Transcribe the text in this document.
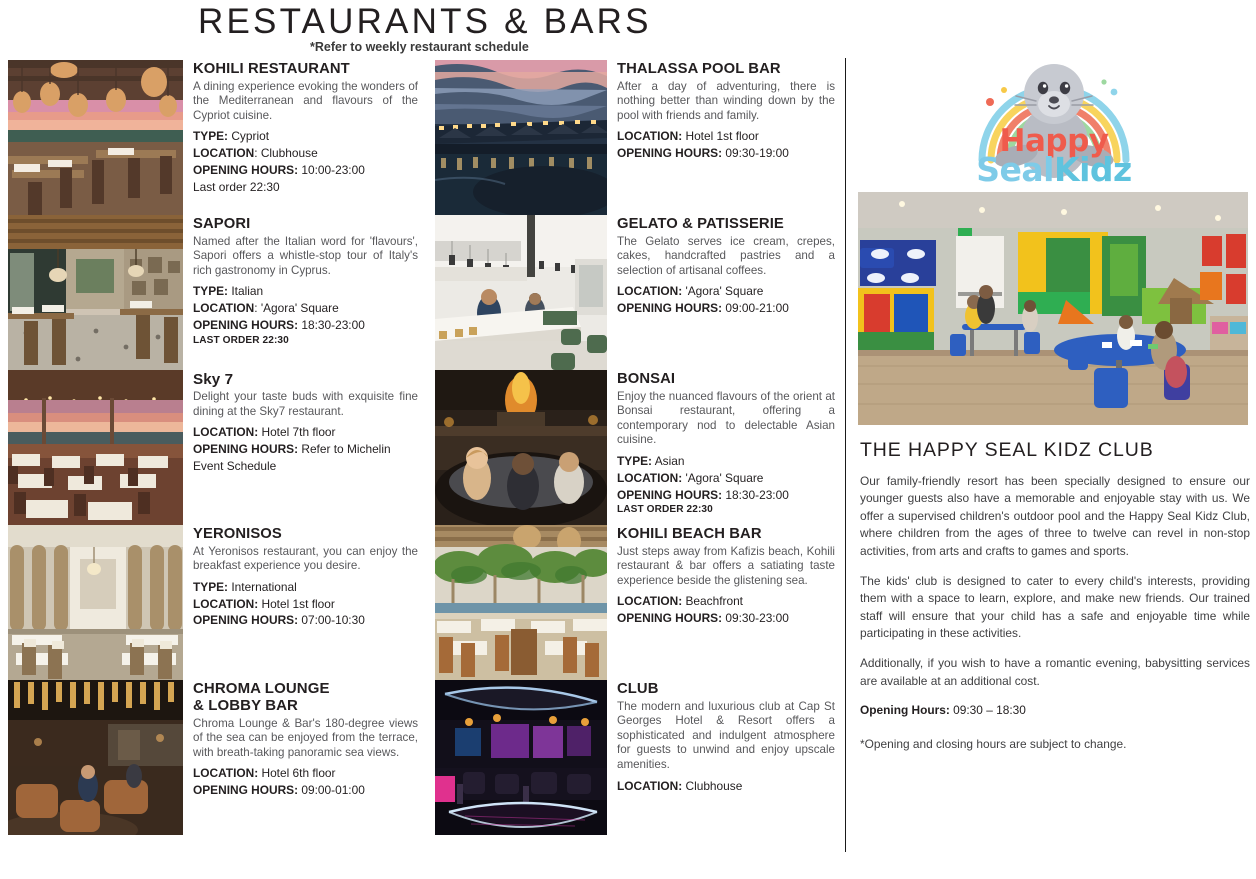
RESTAURANTS & BARS
*Refer to weekly restaurant schedule
KOHILI RESTAURANT
A dining experience evoking the wonders of the Mediterranean and flavours of the Cypriot cuisine.
TYPE: Cypriot
LOCATION: Clubhouse
OPENING HOURS: 10:00-23:00
Last order 22:30
SAPORI
Named after the Italian word for 'flavours', Sapori offers a whistle-stop tour of Italy's rich gastronomy in Cyprus.
TYPE: Italian
LOCATION: 'Agora' Square
OPENING HOURS: 18:30-23:00
LAST ORDER 22:30
Sky 7
Delight your taste buds with exquisite fine dining at the Sky7 restaurant.
LOCATION: Hotel 7th floor
OPENING HOURS: Refer to Michelin Event Schedule
YERONISOS
At Yeronisos restaurant, you can enjoy the breakfast experience you desire.
TYPE: International
LOCATION: Hotel 1st floor
OPENING HOURS: 07:00-10:30
CHROMA LOUNGE
& LOBBY BAR
Chroma Lounge & Bar's 180-degree views of the sea can be enjoyed from the terrace, with breath-taking panoramic sea views.
LOCATION: Hotel 6th floor
OPENING HOURS: 09:00-01:00
THALASSA POOL BAR
After a day of adventuring, there is nothing better than winding down by the pool with friends and family.
LOCATION: Hotel 1st floor
OPENING HOURS: 09:30-19:00
GELATO & PATISSERIE
The Gelato serves ice cream, crepes, cakes, handcrafted pastries and a selection of artisanal coffees.
LOCATION: 'Agora' Square
OPENING HOURS: 09:00-21:00
BONSAI
Enjoy the nuanced flavours of the orient at Bonsai restaurant, offering a contemporary nod to delectable Asian cuisine.
TYPE: Asian
LOCATION: 'Agora' Square
OPENING HOURS: 18:30-23:00
LAST ORDER 22:30
KOHILI BEACH BAR
Just steps away from Kafizis beach, Kohili restaurant & bar offers a satiating taste experience beside the glistening sea.
LOCATION: Beachfront
OPENING HOURS: 09:30-23:00
CLUB
The modern and luxurious club at Cap St Georges Hotel & Resort offers a sophisticated and indulgent atmosphere for guests to unwind and enjoy upscale amenities.
LOCATION: Clubhouse
Happy
SealKidz
THE HAPPY SEAL KIDZ CLUB

Our family-friendly resort has been specially designed to ensure our younger guests also have a memorable and enjoyable stay with us. We offer a supervised children's outdoor pool and the Happy Seal Kidz Club, where children from the ages of three to twelve can revel in non-stop activities, from arts and crafts to games and sports.

The kids' club is designed to cater to every child's interests, providing them with a space to learn, explore, and make new friends. Our trained staff will ensure that your child has a safe and enjoyable time while participating in these activities.

Additionally, if you wish to have a romantic evening, babysitting services are available at an additional cost.

Opening Hours: 09:30 – 18:30

*Opening and closing hours are subject to change.
